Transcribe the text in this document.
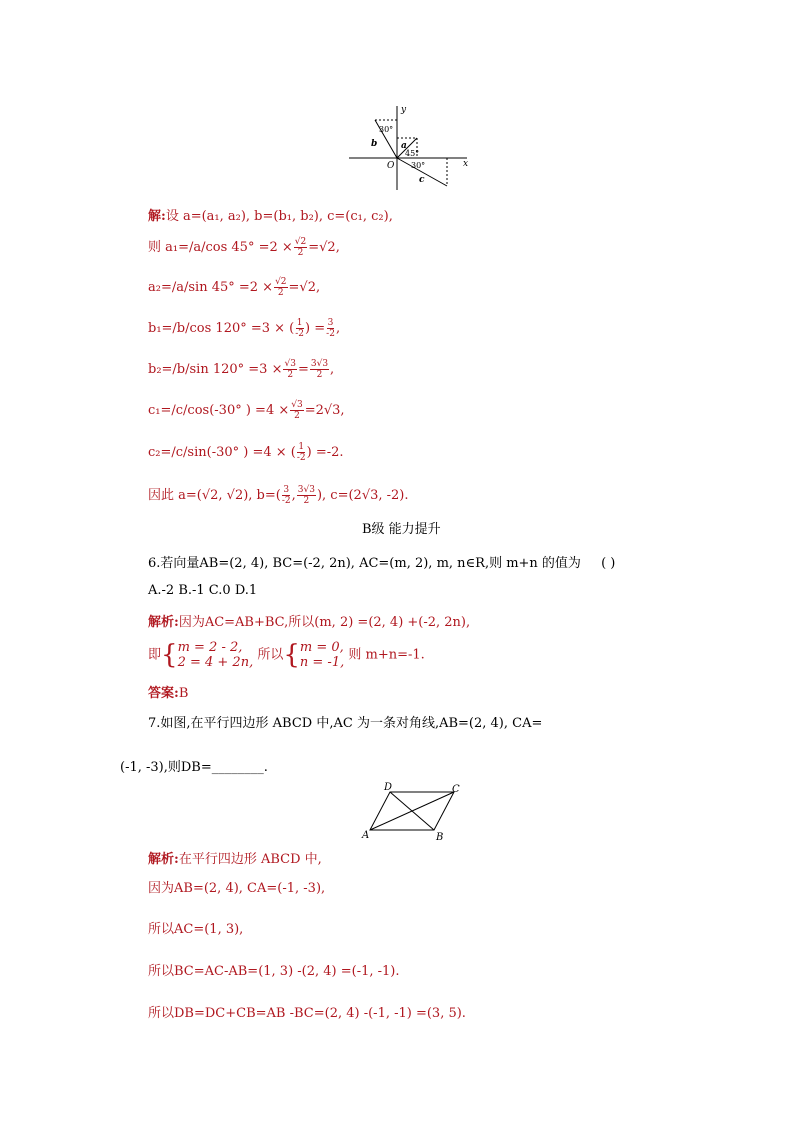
x
y
O
30°
45°
30°
a
b
c
解:设 a=(a₁, a₂), b=(b₁, b₂), c=(c₁, c₂),
则 a₁=/a/cos $45^\circ =2 \times \frac{√2}{2} =√2$,
a₂=/a/sin $45^\circ =2 \times \frac{√2}{2} =√2$,
b₁=/b/cos 120° =3 × ( $\frac{1}{-2}$ ) = $\frac{3}{-2}$ ,
b₂=/b/sin $120^\circ =3 \times \frac{√3}{2} = \frac{3√3}{2}$ ,
c₁=/c/cos(-30° ) $=4 \times \frac{√3}{2} =2√3$,
c₂=/c/sin(-30° ) =4 × ( $\frac{1}{-2}$ ) =-2.
因此 a=(√2, √2), $b=( \frac{3}{-2}$ , $\frac{3√3}{2}$ ), c=(2√3, -2).
B级 能力提升
6.若向量AB=(2, 4), BC=(-2, 2n), AC=(m, 2), m, n∈R,则 m+n 的值为 ( )
A.-2 B.-1 C.0 D.1
解析:因为AC=AB+BC,所以(m, 2) =(2, 4) +(-2, 2n),
即{ m = 2 - 2,
2 = 4 + 2n, 所以{ m = 0,
n = -1, 则 m+n=-1.
答案:B
7.如图,在平行四边形 ABCD 中,AC 为一条对角线,AB=(2, 4), CA=
(-1, -3),则DB=________.
A	B
C
D
解析:在平行四边形 ABCD 中,
因为AB=(2, 4), CA=(-1, -3),
所以AC=(1, 3),
所以BC=AC-AB=(1, 3) -(2, 4) =(-1, -1).
所以DB=DC+CB=AB -BC=(2, 4) -(-1, -1) =(3, 5).
